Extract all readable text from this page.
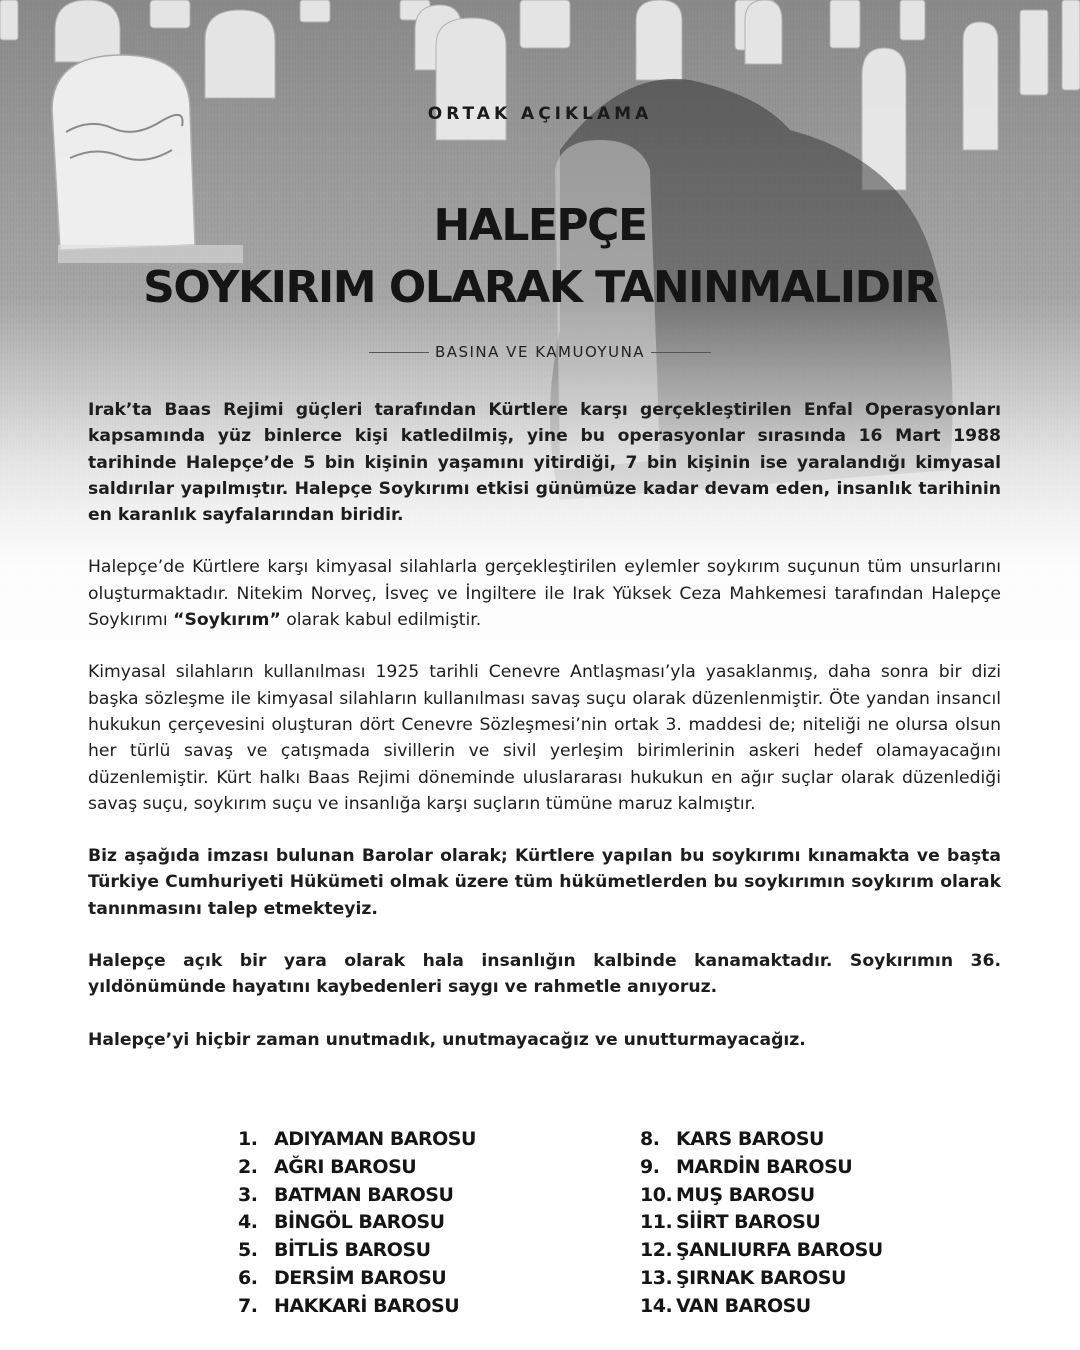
ORTAK AÇIKLAMA
HALEPÇE
SOYKIRIM OLARAK TANINMALIDIR
BASINA VE KAMUOYUNA

Irak’ta Baas Rejimi güçleri tarafından Kürtlere karşı gerçekleştirilen Enfal Operasyonları kapsamında yüz binlerce kişi katledilmiş, yine bu operasyonlar sırasında 16 Mart 1988 tarihinde Halepçe’de 5 bin kişinin yaşamını yitirdiği, 7 bin kişinin ise yaralandığı kimyasal saldırılar yapılmıştır. Halepçe Soykırımı etkisi günümüze kadar devam eden, insanlık tarihinin en karanlık sayfalarından biridir.

Halepçe’de Kürtlere karşı kimyasal silahlarla gerçekleştirilen eylemler soykırım suçunun tüm unsurlarını oluşturmaktadır. Nitekim Norveç, İsveç ve İngiltere ile Irak Yüksek Ceza Mahkemesi tarafından Halepçe Soykırımı “Soykırım” olarak kabul edilmiştir.

Kimyasal silahların kullanılması 1925 tarihli Cenevre Antlaşması’yla yasaklanmış, daha sonra bir dizi başka sözleşme ile kimyasal silahların kullanılması savaş suçu olarak düzenlenmiştir. Öte yandan insancıl hukukun çerçevesini oluşturan dört Cenevre Sözleşmesi’nin ortak 3. maddesi de; niteliği ne olursa olsun her türlü savaş ve çatışmada sivillerin ve sivil yerleşim birimlerinin askeri hedef olamayacağını düzenlemiştir. Kürt halkı Baas Rejimi döneminde uluslararası hukukun en ağır suçlar olarak düzenlediği savaş suçu, soykırım suçu ve insanlığa karşı suçların tümüne maruz kalmıştır.

Biz aşağıda imzası bulunan Barolar olarak; Kürtlere yapılan bu soykırımı kınamakta ve başta Türkiye Cumhuriyeti Hükümeti olmak üzere tüm hükümetlerden bu soykırımın soykırım olarak tanınmasını talep etmekteyiz.

Halepçe açık bir yara olarak hala insanlığın kalbinde kanamaktadır. Soykırımın 36. yıldönümünde hayatını kaybedenleri saygı ve rahmetle anıyoruz.

Halepçe’yi hiçbir zaman unutmadık, unutmayacağız ve unutturmayacağız.

1. ADIYAMAN BAROSU
2. AĞRI BAROSU
3. BATMAN BAROSU
4. BİNGÖL BAROSU
5. BİTLİS BAROSU
6. DERSİM BAROSU
7. HAKKARİ BAROSU
8. KARS BAROSU
9. MARDİN BAROSU
10. MUŞ BAROSU
11. SİİRT BAROSU
12. ŞANLIURFA BAROSU
13. ŞIRNAK BAROSU
14. VAN BAROSU
